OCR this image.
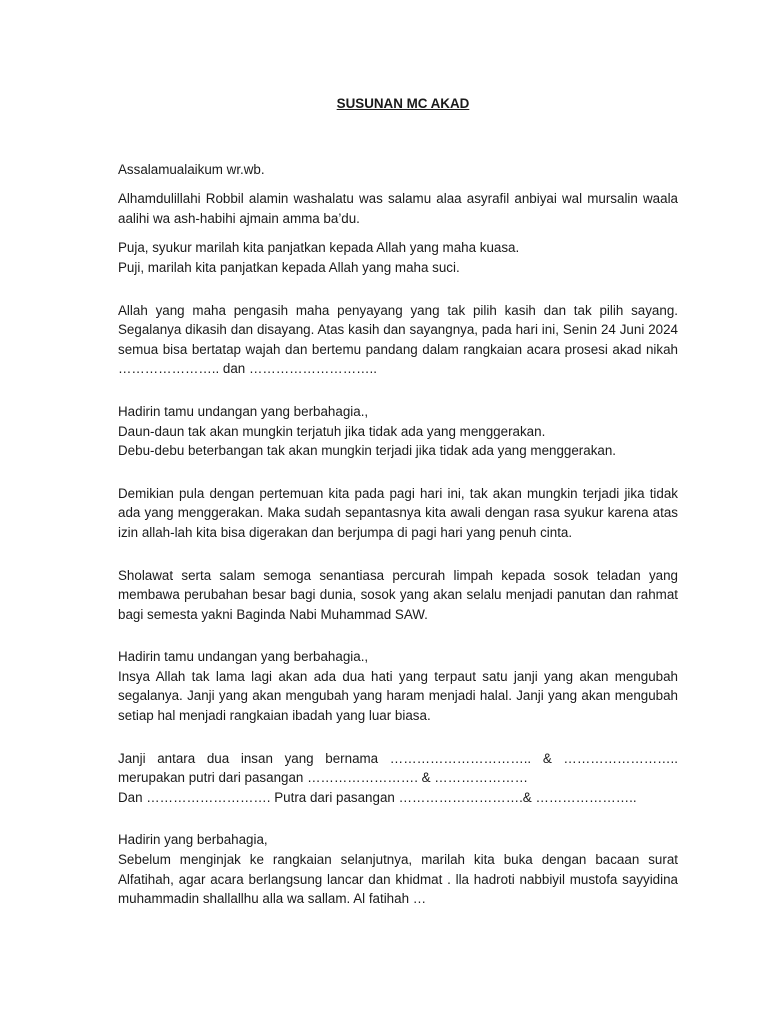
SUSUNAN MC AKAD

Assalamualaikum wr.wb.

Alhamdulillahi Robbil alamin washalatu was salamu alaa asyrafil anbiyai wal mursalin waala aalihi wa ash-habihi ajmain amma ba’du.

Puja, syukur marilah kita panjatkan kepada Allah yang maha kuasa.
Puji, marilah kita panjatkan kepada Allah yang maha suci.

Allah yang maha pengasih maha penyayang yang tak pilih kasih dan tak pilih sayang. Segalanya dikasih dan disayang. Atas kasih dan sayangnya, pada hari ini, Senin 24 Juni 2024 semua bisa bertatap wajah dan bertemu pandang dalam rangkaian acara prosesi akad nikah ………………….. dan ………………………..

Hadirin tamu undangan yang berbahagia.,
Daun-daun tak akan mungkin terjatuh jika tidak ada yang menggerakan.
Debu-debu beterbangan tak akan mungkin terjadi jika tidak ada yang menggerakan.

Demikian pula dengan pertemuan kita pada pagi hari ini, tak akan mungkin terjadi jika tidak ada yang menggerakan. Maka sudah sepantasnya kita awali dengan rasa syukur karena atas izin allah-lah kita bisa digerakan dan berjumpa di pagi hari yang penuh cinta.

Sholawat serta salam semoga senantiasa percurah limpah kepada sosok teladan yang membawa perubahan besar bagi dunia, sosok yang akan selalu menjadi panutan dan rahmat bagi semesta yakni Baginda Nabi Muhammad SAW.

Hadirin tamu undangan yang berbahagia.,
Insya Allah tak lama lagi akan ada dua hati yang terpaut satu janji yang akan mengubah segalanya. Janji yang akan mengubah yang haram menjadi halal. Janji yang akan mengubah setiap hal menjadi rangkaian ibadah yang luar biasa.

Janji antara dua insan yang bernama ………………………….. & …………………….. merupakan putri dari pasangan ……………………. & …………………
Dan ………………………. Putra dari pasangan ……………………….& …………………..

Hadirin yang berbahagia,
Sebelum menginjak ke rangkaian selanjutnya, marilah kita buka dengan bacaan surat Alfatihah, agar acara berlangsung lancar dan khidmat . lla hadroti nabbiyil mustofa sayyidina muhammadin shallallhu alla wa sallam. Al fatihah …
